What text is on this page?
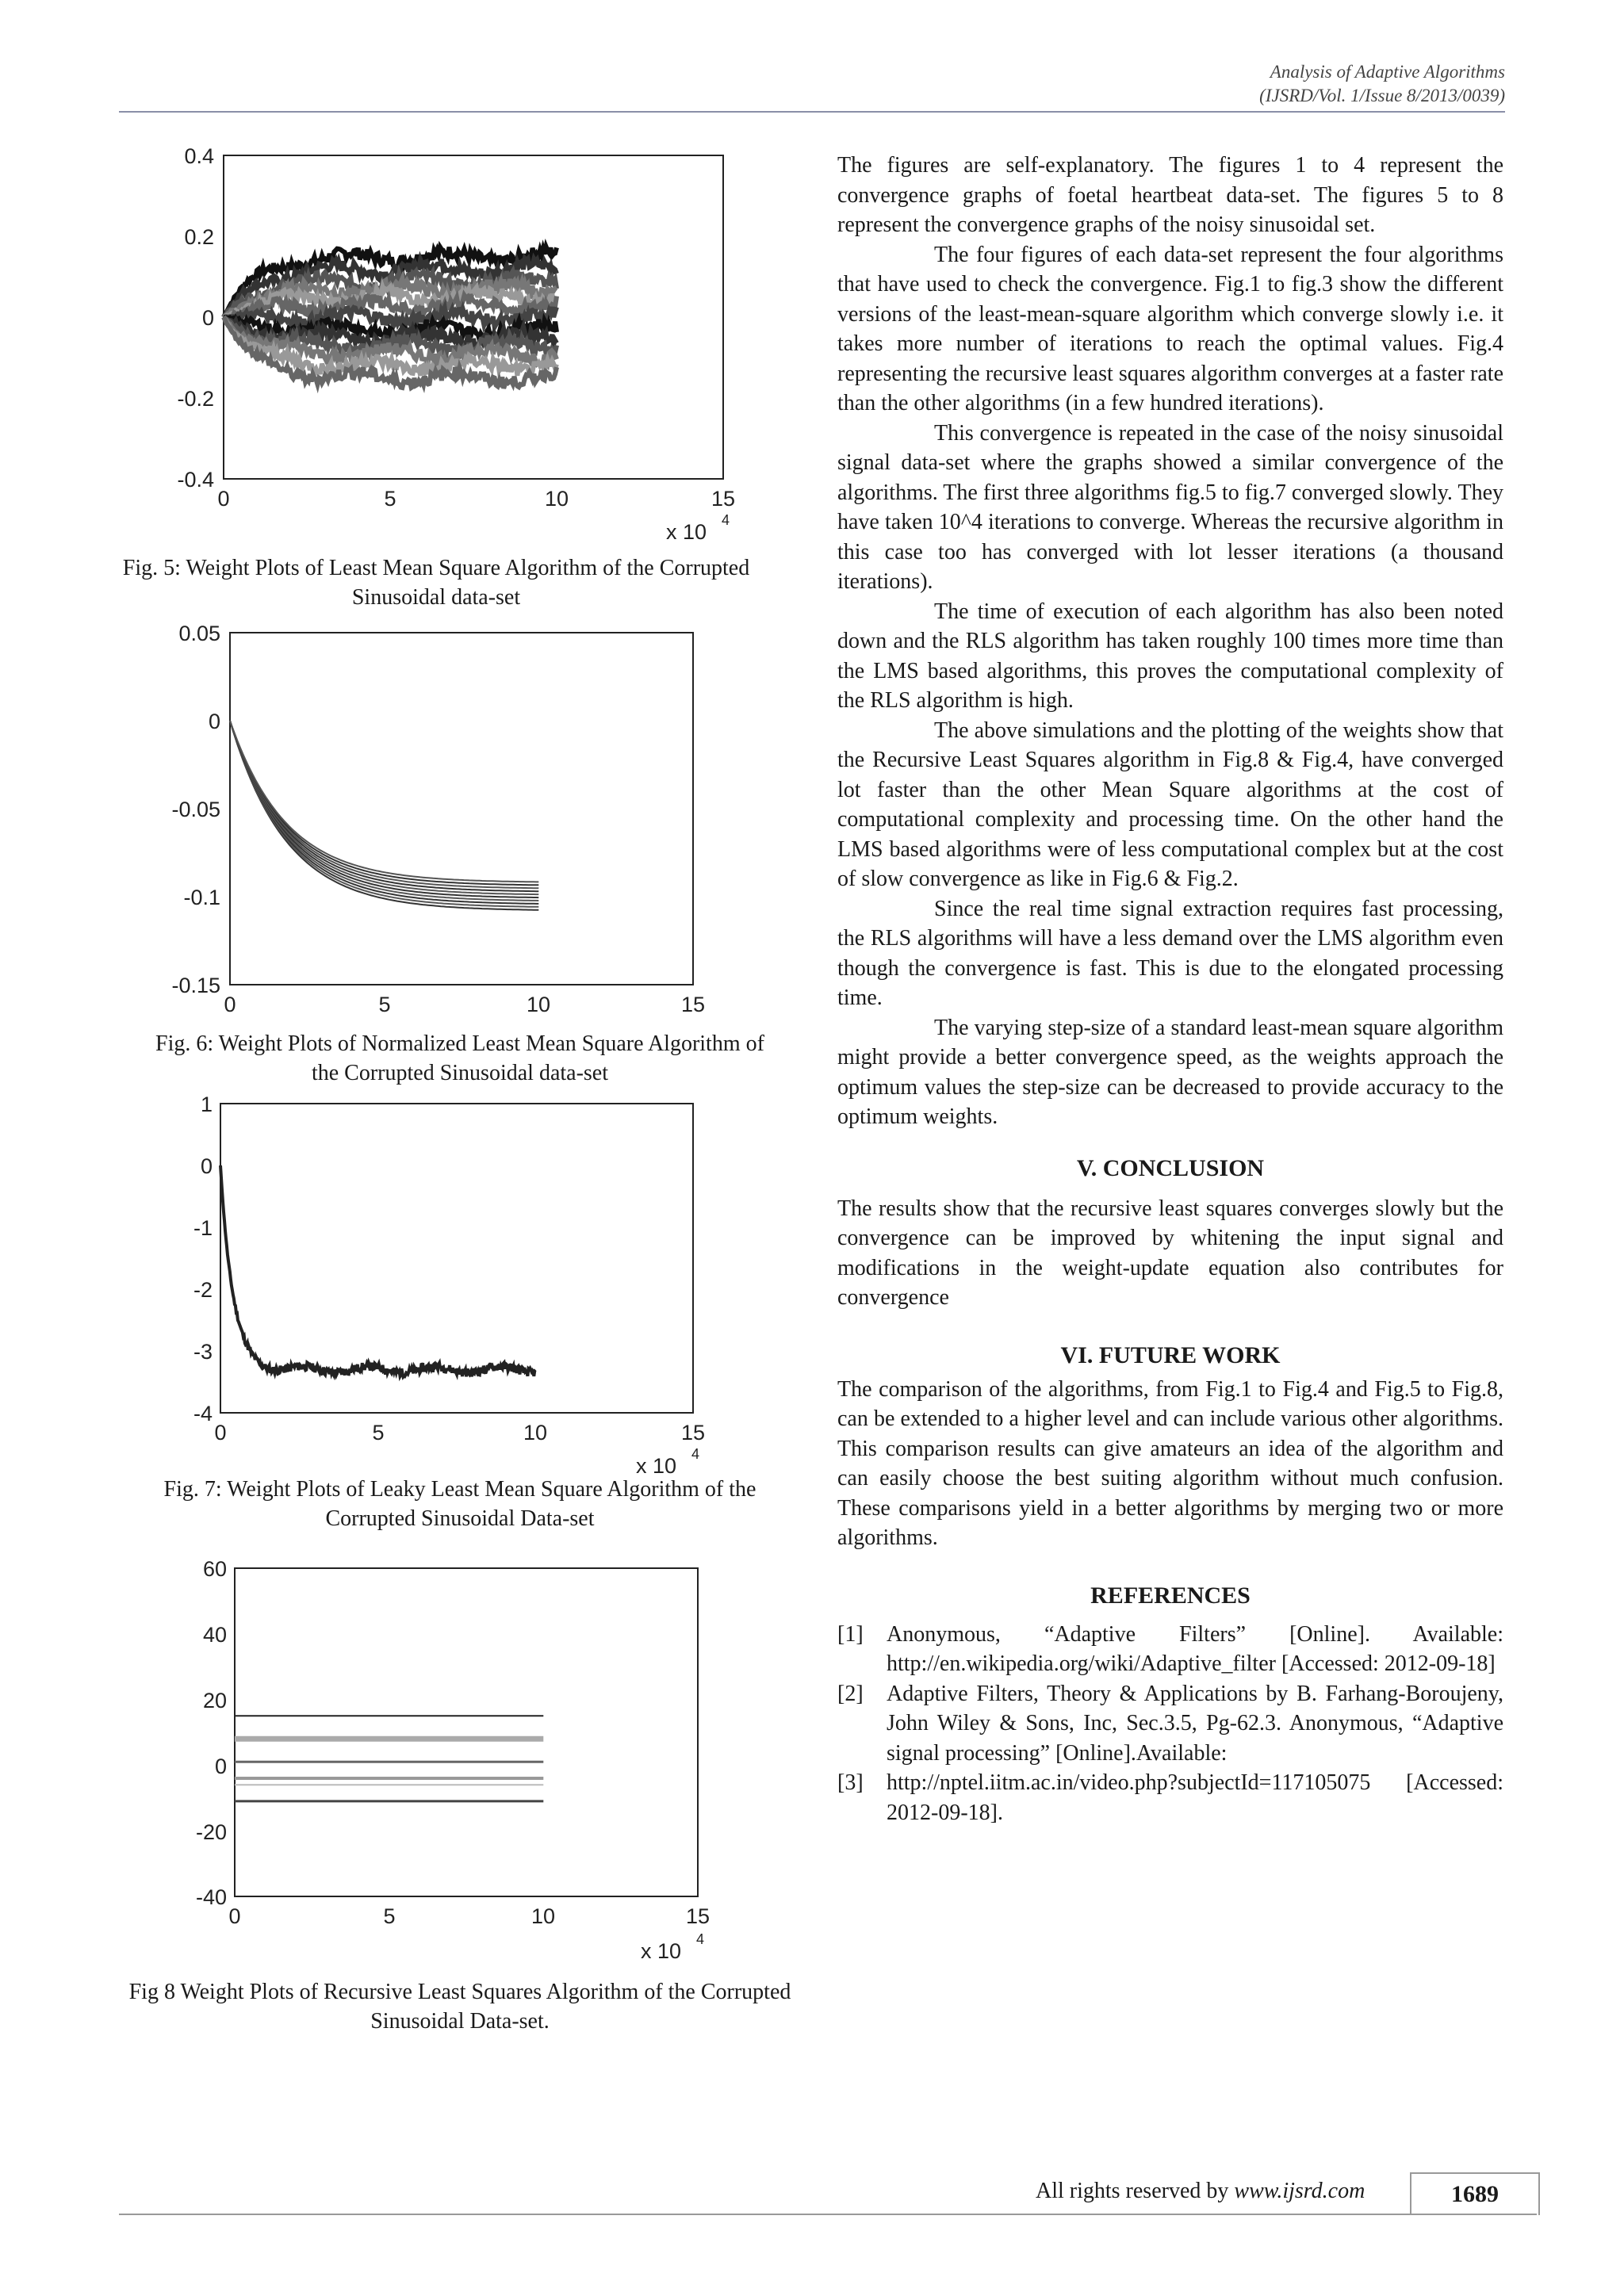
Analysis of Adaptive Algorithms
(IJSRD/Vol. 1/Issue 8/2013/0039)
0.4
0.2
0
-0.2
-0.4
0	5	10	15
x 10 4
Fig. 5: Weight Plots of Least Mean Square Algorithm of the Corrupted Sinusoidal data-set
0.05
0
-0.05
-0.1
-0.15
0	5	10	15
Fig. 6: Weight Plots of Normalized Least Mean Square Algorithm of the Corrupted Sinusoidal data-set
1
0
-1
-2
-3
-4
0	5	10	15
x 10 4
Fig. 7: Weight Plots of Leaky Least Mean Square Algorithm of the Corrupted Sinusoidal Data-set
60
40
20
0
-20
-40
0	5	10	15
x 10 4
Fig 8 Weight Plots of Recursive Least Squares Algorithm of the Corrupted Sinusoidal Data-set.

The figures are self-explanatory. The figures 1 to 4 represent the convergence graphs of foetal heartbeat data-set. The figures 5 to 8 represent the convergence graphs of the noisy sinusoidal set.

The four figures of each data-set represent the four algorithms that have used to check the convergence. Fig.1 to fig.3 show the different versions of the least-mean-square algorithm which converge slowly i.e. it takes more number of iterations to reach the optimal values. Fig.4 representing the recursive least squares algorithm converges at a faster rate than the other algorithms (in a few hundred iterations).

This convergence is repeated in the case of the noisy sinusoidal signal data-set where the graphs showed a similar convergence of the algorithms. The first three algorithms fig.5 to fig.7 converged slowly. They have taken 10^4 iterations to converge. Whereas the recursive algorithm in this case too has converged with lot lesser iterations (a thousand iterations).

The time of execution of each algorithm has also been noted down and the RLS algorithm has taken roughly 100 times more time than the LMS based algorithms, this proves the computational complexity of the RLS algorithm is high.

The above simulations and the plotting of the weights show that the Recursive Least Squares algorithm in Fig.8 & Fig.4, have converged lot faster than the other Mean Square algorithms at the cost of computational complexity and processing time. On the other hand the LMS based algorithms were of less computational complex but at the cost of slow convergence as like in Fig.6 & Fig.2.

Since the real time signal extraction requires fast processing, the RLS algorithms will have a less demand over the LMS algorithm even though the convergence is fast. This is due to the elongated processing time.

The varying step-size of a standard least-mean square algorithm might provide a better convergence speed, as the weights approach the optimum values the step-size can be decreased to provide accuracy to the optimum weights.

V. CONCLUSION

The results show that the recursive least squares converges slowly but the convergence can be improved by whitening the input signal and modifications in the weight-update equation also contributes for convergence

VI. FUTURE WORK

The comparison of the algorithms, from Fig.1 to Fig.4 and Fig.5 to Fig.8, can be extended to a higher level and can include various other algorithms. This comparison results can give amateurs an idea of the algorithm and can easily choose the best suiting algorithm without much confusion. These comparisons yield in a better algorithms by merging two or more algorithms.

REFERENCES
[1]	Anonymous, “Adaptive Filters” [Online]. Available: http://en.wikipedia.org/wiki/Adaptive_filter [Accessed: 2012-09-18]
[2]	Adaptive Filters, Theory & Applications by B. Farhang-Boroujeny, John Wiley & Sons, Inc, Sec.3.5, Pg-62.3. Anonymous, “Adaptive signal processing” [Online].Available:
[3]	http://nptel.iitm.ac.in/video.php?subjectId=117105075 [Accessed: 2012-09-18].
All rights reserved by www.ijsrd.com	1689
